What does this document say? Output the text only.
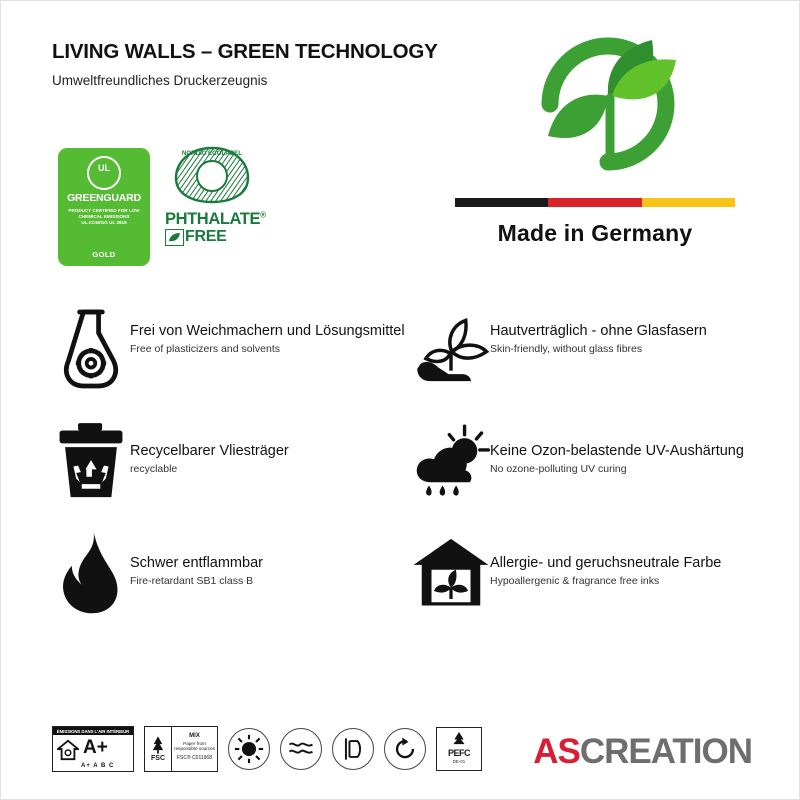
LIVING WALLS – GREEN TECHNOLOGY
Umweltfreundliches Druckerzeugnis
Made in Germany
UL
GREENGUARD
PRODUCT CERTIFIED FOR LOW CHEMICAL EMISSIONS UL.COM/GG UL 2818
GOLD
NORDIC ECOLABEL
PHTHALATE®
FREE
Frei von Weichmachern und Lösungsmittel
Free of plasticizers and solvents
Hautverträglich - ohne Glasfasern
Skin-friendly, without glass fibres
Recycelbarer Vliesträger
recyclable
Keine Ozon-belastende UV-Aushärtung
No ozone-polluting UV curing
Schwer entflammbar
Fire-retardant SB1 class B
Allergie- und geruchsneutrale Farbe
Hypoallergenic & fragrance free inks
ÉMISSIONS DANS L'AIR INTÉRIEUR
A+
A+ A B C
FSC
MIX
Paper from responsible sources
FSC® C011968	PEFC
DE-01	ASCREATION
